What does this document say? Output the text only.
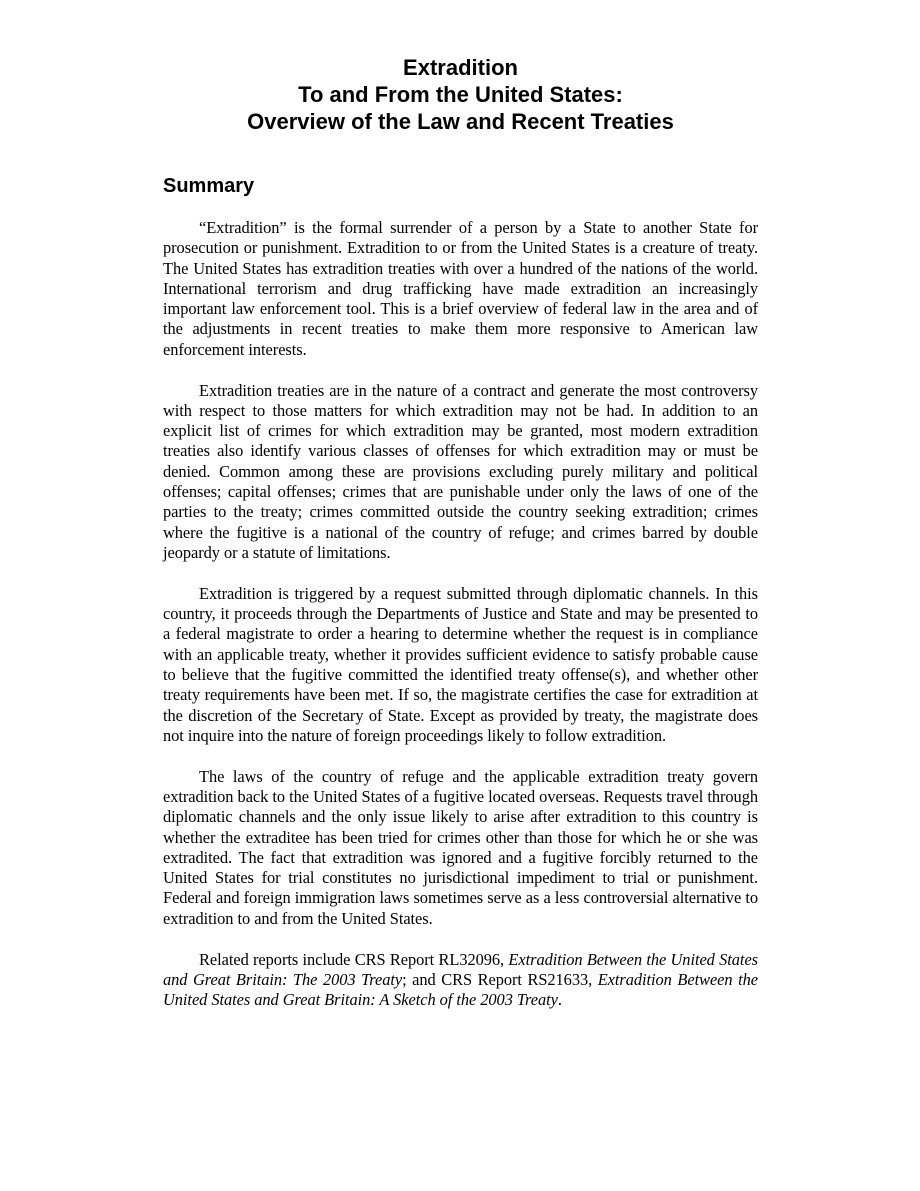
Extradition
To and From the United States:
Overview of the Law and Recent Treaties
Summary

“Extradition” is the formal surrender of a person by a State to another State for prosecution or punishment. Extradition to or from the United States is a creature of treaty. The United States has extradition treaties with over a hundred of the nations of the world. International terrorism and drug trafficking have made extradition an increasingly important law enforcement tool. This is a brief overview of federal law in the area and of the adjustments in recent treaties to make them more responsive to American law enforcement interests.

Extradition treaties are in the nature of a contract and generate the most controversy with respect to those matters for which extradition may not be had. In addition to an explicit list of crimes for which extradition may be granted, most modern extradition treaties also identify various classes of offenses for which extradition may or must be denied. Common among these are provisions excluding purely military and political offenses; capital offenses; crimes that are punishable under only the laws of one of the parties to the treaty; crimes committed outside the country seeking extradition; crimes where the fugitive is a national of the country of refuge; and crimes barred by double jeopardy or a statute of limitations.

Extradition is triggered by a request submitted through diplomatic channels. In this country, it proceeds through the Departments of Justice and State and may be presented to a federal magistrate to order a hearing to determine whether the request is in compliance with an applicable treaty, whether it provides sufficient evidence to satisfy probable cause to believe that the fugitive committed the identified treaty offense(s), and whether other treaty requirements have been met. If so, the magistrate certifies the case for extradition at the discretion of the Secretary of State. Except as provided by treaty, the magistrate does not inquire into the nature of foreign proceedings likely to follow extradition.

The laws of the country of refuge and the applicable extradition treaty govern extradition back to the United States of a fugitive located overseas. Requests travel through diplomatic channels and the only issue likely to arise after extradition to this country is whether the extraditee has been tried for crimes other than those for which he or she was extradited. The fact that extradition was ignored and a fugitive forcibly returned to the United States for trial constitutes no jurisdictional impediment to trial or punishment. Federal and foreign immigration laws sometimes serve as a less controversial alternative to extradition to and from the United States.

Related reports include CRS Report RL32096, Extradition Between the United States and Great Britain: The 2003 Treaty; and CRS Report RS21633, Extradition Between the United States and Great Britain: A Sketch of the 2003 Treaty.
